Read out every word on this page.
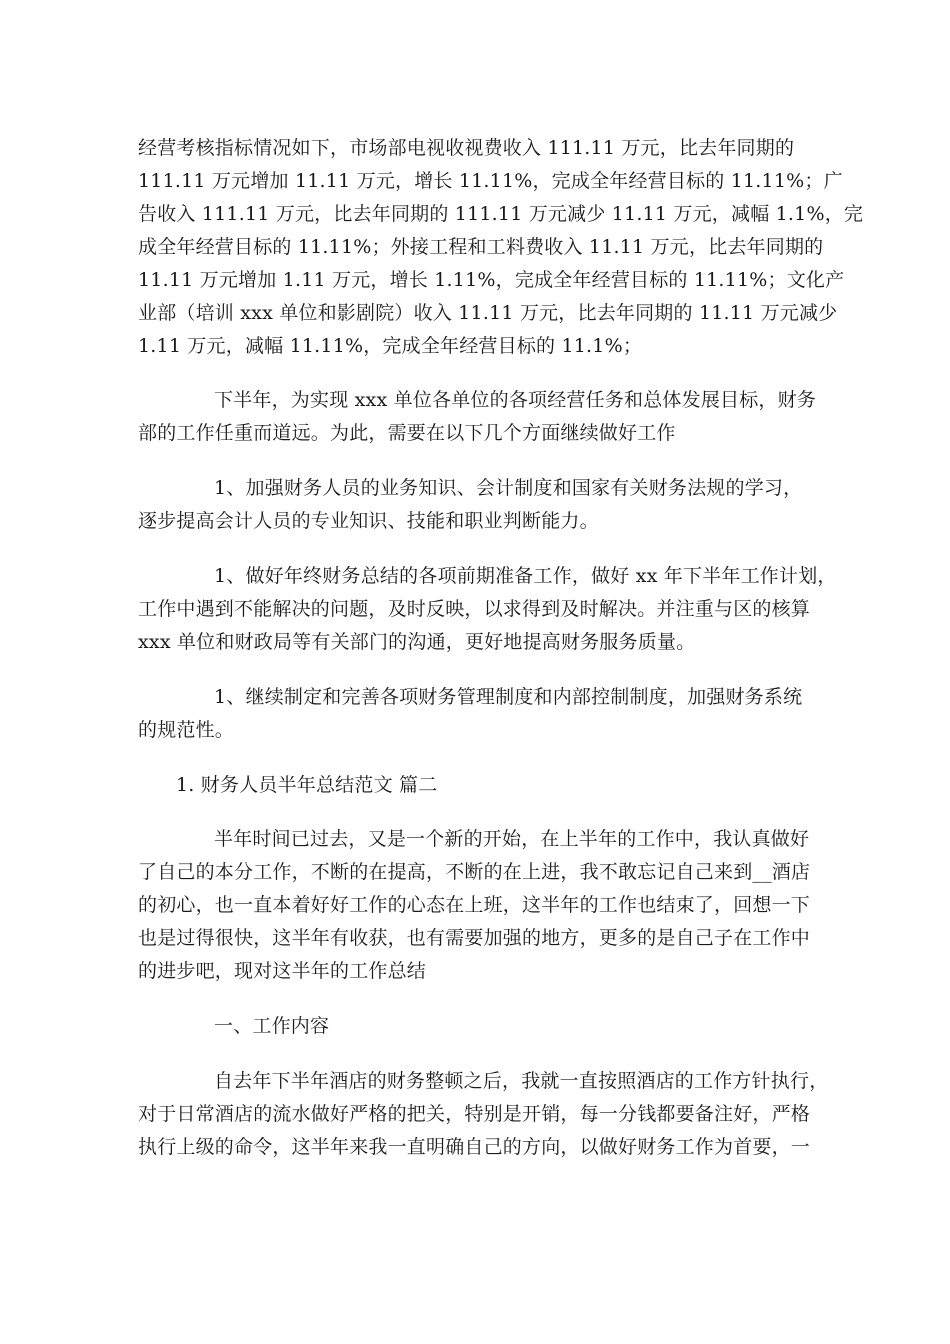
经营考核指标情况如下，市场部电视收视费收入 111.11 万元，比去年同期的
111.11 万元增加 11.11 万元，增长 11.11%，完成全年经营目标的 11.11%；广
告收入 111.11 万元，比去年同期的 111.11 万元减少 11.11 万元，减幅 1.1%，完
成全年经营目标的 11.11%；外接工程和工料费收入 11.11 万元，比去年同期的
11.11 万元增加 1.11 万元，增长 1.11%，完成全年经营目标的 11.11%；文化产
业部（培训 xxx 单位和影剧院）收入 11.11 万元，比去年同期的 11.11 万元减少
1.11 万元，减幅 11.11%，完成全年经营目标的 11.1%；
下半年，为实现 xxx 单位各单位的各项经营任务和总体发展目标，财务
部的工作任重而道远。为此，需要在以下几个方面继续做好工作
1、加强财务人员的业务知识、会计制度和国家有关财务法规的学习，
逐步提高会计人员的专业知识、技能和职业判断能力。
1、做好年终财务总结的各项前期准备工作，做好 xx 年下半年工作计划，
工作中遇到不能解决的问题，及时反映，以求得到及时解决。并注重与区的核算
xxx 单位和财政局等有关部门的沟通，更好地提高财务服务质量。
1、继续制定和完善各项财务管理制度和内部控制制度，加强财务系统
的规范性。
1. 财务人员半年总结范文 篇二
半年时间已过去，又是一个新的开始，在上半年的工作中，我认真做好
了自己的本分工作，不断的在提高，不断的在上进，我不敢忘记自己来到__酒店
的初心，也一直本着好好工作的心态在上班，这半年的工作也结束了，回想一下
也是过得很快，这半年有收获，也有需要加强的地方，更多的是自己子在工作中
的进步吧，现对这半年的工作总结
一、工作内容
自去年下半年酒店的财务整顿之后，我就一直按照酒店的工作方针执行，
对于日常酒店的流水做好严格的把关，特别是开销，每一分钱都要备注好，严格
执行上级的命令，这半年来我一直明确自己的方向，以做好财务工作为首要，一
